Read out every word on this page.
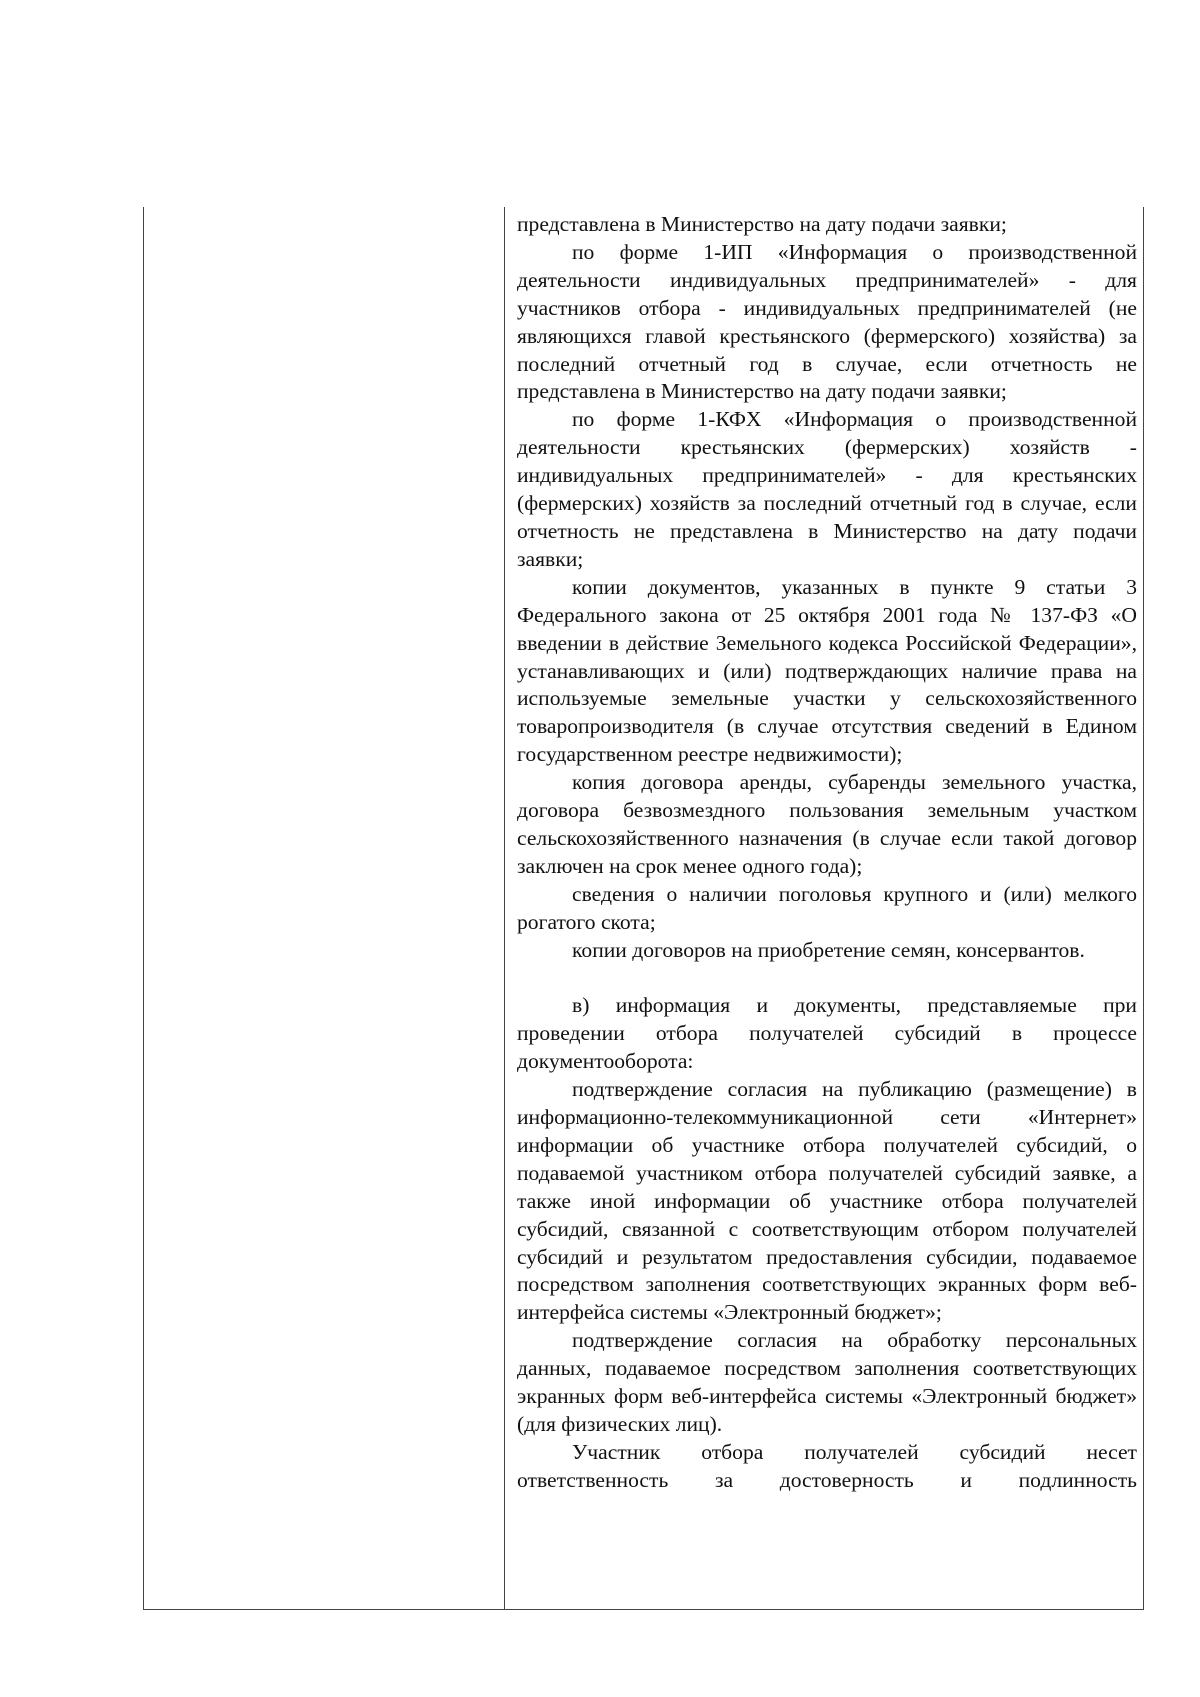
представлена в Министерство на дату подачи заявки;

по форме 1-ИП «Информация о производственной деятельности индивидуальных предпринимателей» - для участников отбора - индивидуальных предпринимателей (не являющихся главой крестьянского (фермерского) хозяйства) за последний отчетный год в случае, если отчетность не представлена в Министерство на дату подачи заявки;

по форме 1-КФХ «Информация о производственной деятельности крестьянских (фермерских) хозяйств - индивидуальных предпринимателей» - для крестьянских (фермерских) хозяйств за последний отчетный год в случае, если отчетность не представлена в Министерство на дату подачи заявки;

копии документов, указанных в пункте 9 статьи 3 Федерального закона от 25 октября 2001 года № 137-ФЗ «О введении в действие Земельного кодекса Российской Федерации», устанавливающих и (или) подтверждающих наличие права на используемые земельные участки у сельскохозяйственного товаропроизводителя (в случае отсутствия сведений в Едином государственном реестре недвижимости);

копия договора аренды, субаренды земельного участка, договора безвозмездного пользования земельным участком сельскохозяйственного назначения (в случае если такой договор заключен на срок менее одного года);

сведения о наличии поголовья крупного и (или) мелкого рогатого скота;

копии договоров на приобретение семян, консервантов.

в) информация и документы, представляемые при проведении отбора получателей субсидий в процессе документооборота:

подтверждение согласия на публикацию (размещение) в информационно-телекоммуникационной сети «Интернет» информации об участнике отбора получателей субсидий, о подаваемой участником отбора получателей субсидий заявке, а также иной информации об участнике отбора получателей субсидий, связанной с соответствующим отбором получателей субсидий и результатом предоставления субсидии, подаваемое посредством заполнения соответствующих экранных форм веб-интерфейса системы «Электронный бюджет»;

подтверждение согласия на обработку персональных данных, подаваемое посредством заполнения соответствующих экранных форм веб-интерфейса системы «Электронный бюджет» (для физических лиц).

Участник отбора получателей субсидий несет ответственность за достоверность и подлинность
